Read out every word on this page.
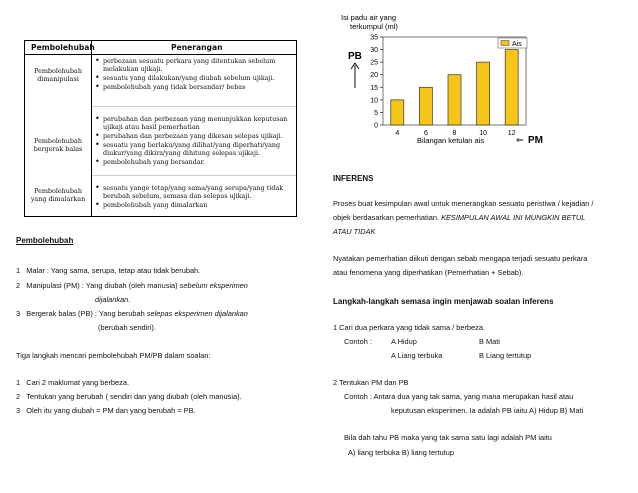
Pembolehubah	Penerangan
Pembolehubah
dimanipulasi
• perbezaan sesuatu perkara yang ditentukan sebelum
melakukan ujikaji.
• sesuatu yang dilakukan/yang diubah sebelum ujikaji.
• pembolehubah yang tidak bersandar/ bebas
Pembolehubah
bergerak balas
• perubahan dan perbezaan yang menunjukkan keputusan
ujikaji atau hasil pemerhatian
• perubahan dan perbezaan yang dikesan selepas ujikaji.
• sesuatu yang berlaku/yang dilihat/yang diperhati/yang
diukur/yang dikira/yang dihitung selepas ujikaji.
• pembolehubah yang bersandar.
Pembolehubah
yang dimalarkan
• sesuatu yange tetap/yang sama/yang serupa/yang tidak
berubah sebelum, semasa dan selepas ujikaji.
• pembolehubah yang dimalarkan
Pembolehubah
1 Malar : Yang sama, serupa, tetap atau tidak berubah.
2 Manipulasi (PM) : Yang diubah (oleh manusia) sebelum eksperimen
dijalankan.
3 Bergerak balas (PB) : Yang berubah selepas eksperimen dijalankan
(berubah sendiri).
Tiga langkah mencari pembolehubah PM/PB dalam soalan:
1 Cari 2 maklumat yang berbeza.
2 Tentukan yang berubah ( sendiri dan yang diubah (oleh manusia).
3 Oleh itu yang diubah = PM dan yang berubah = PB.
Isi padu air yang
terkumpul (ml)
0
5
10
15
20
25
30
35
4	6	8	10	12
Bilangan ketulan ais	⇐ PM
PB
Ais
INFERENS
Proses buat kesimpulan awal untuk menerangkan sesuatu peristiwa / kejadian /
objek berdasarkan pemerhatian. KESIMPULAN AWAL INI MUNGKIN BETUL
ATAU TIDAK
Nyatakan pemerhatian diikuti dengan sebab mengapa terjadi sesuatu perkara
atau fenomena yang diperhatikan (Pemerhatian + Sebab).
Langkah-langkah semasa ingin menjawab soalan inferens
1 Cari dua perkara yang tidak sama / berbeza.
Contoh :	A Hidup	B Mati
A Liang terbuka	B Liang tertutup
2 Tentukan PM dan PB
Contoh : Antara dua yang tak sama, yang mana merupakan hasil atau
keputusan eksperimen. Ia adalah PB iaitu A) Hidup B) Mati
Bila dah tahu PB maka yang tak sama satu lagi adalah PM iaitu
A) liang terbuka B) liang tertutup
